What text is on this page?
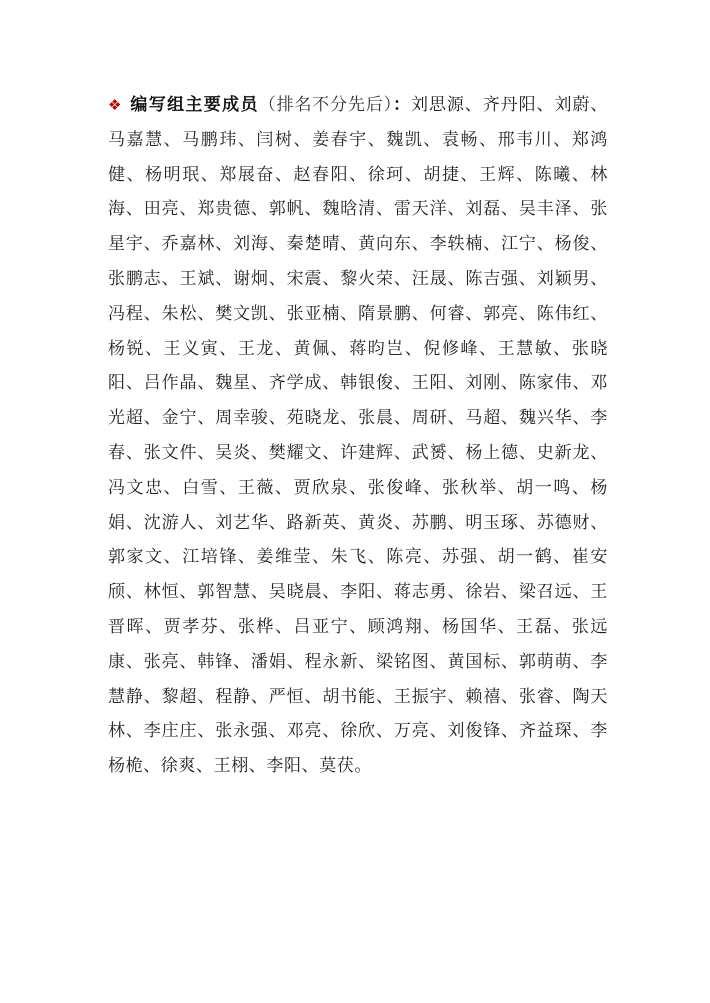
❖ 编写组主要成员（排名不分先后）：刘思源、齐丹阳、刘蔚、马嘉慧、马鹏玮、闫树、姜春宇、魏凯、袁畅、邢韦川、郑鸿健、杨明珉、郑展奋、赵春阳、徐珂、胡捷、王辉、陈曦、林海、田亮、郑贵德、郭帆、魏晗清、雷天洋、刘磊、吴丰泽、张星宇、乔嘉林、刘海、秦楚晴、黄向东、李轶楠、江宁、杨俊、张鹏志、王斌、谢炯、宋震、黎火荣、汪晟、陈吉强、刘颖男、冯程、朱松、樊文凯、张亚楠、隋景鹏、何睿、郭亮、陈伟红、杨锐、王义寅、王龙、黄佩、蒋昀岂、倪修峰、王慧敏、张晓阳、吕作晶、魏星、齐学成、韩银俊、王阳、刘刚、陈家伟、邓光超、金宁、周幸骏、苑晓龙、张晨、周研、马超、魏兴华、李春、张文件、吴炎、樊耀文、许建辉、武赟、杨上德、史新龙、冯文忠、白雪、王薇、贾欣泉、张俊峰、张秋举、胡一鸣、杨娟、沈游人、刘艺华、路新英、黄炎、苏鹏、明玉琢、苏德财、郭家文、江培锋、姜维莹、朱飞、陈亮、苏强、胡一鹤、崔安颀、林恒、郭智慧、吴晓晨、李阳、蒋志勇、徐岩、梁召远、王晋晖、贾孝芬、张桦、吕亚宁、顾鸿翔、杨国华、王磊、张远康、张亮、韩锋、潘娟、程永新、梁铭图、黄国标、郭萌萌、李慧静、黎超、程静、严恒、胡书能、王振宇、赖禧、张睿、陶天林、李庄庄、张永强、邓亮、徐欣、万亮、刘俊锋、齐益琛、李杨桅、徐爽、王栩、李阳、莫茯。
